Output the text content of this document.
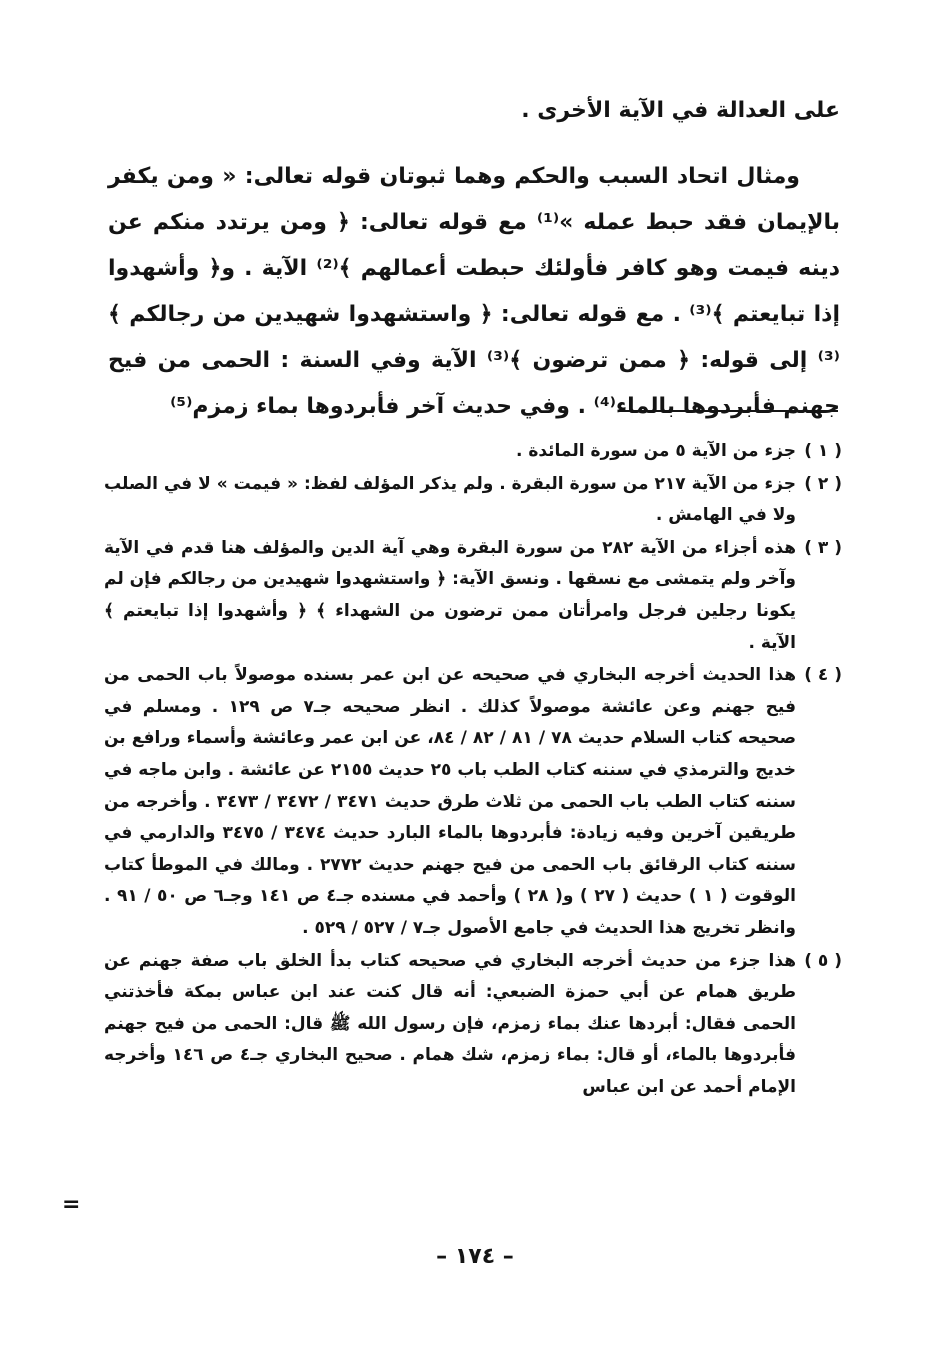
على العدالة في الآية الأخرى .

ومثال اتحاد السبب والحكم وهما ثبوتان قوله تعالى: « ومن يكفر بالإيمان فقد حبط عمله »⁽¹⁾ مع قوله تعالى: ﴿ ومن يرتدد منكم عن دينه فيمت وهو كافر فأولئك حبطت أعمالهم ﴾⁽²⁾ الآية . و﴿ وأشهدوا إذا تبايعتم ﴾⁽³⁾ . مع قوله تعالى: ﴿ واستشهدوا شهيدين من رجالكم ﴾⁽³⁾ إلى قوله: ﴿ ممن ترضون ﴾⁽³⁾ الآية وفي السنة : الحمى من فيح جهنم فأبردوها بالماء⁽⁴⁾ . وفي حديث آخر فأبردوها بماء زمزم⁽⁵⁾

( ١ )جزء من الآية ٥ من سورة المائدة .

( ٢ )جزء من الآية ٢١٧ من سورة البقرة . ولم يذكر المؤلف لفظ: « فيمت » لا في الصلب ولا في الهامش .

( ٣ )هذه أجزاء من الآية ٢٨٢ من سورة البقرة وهي آية الدين والمؤلف هنا قدم في الآية وآخر ولم يتمشى مع نسقها . ونسق الآية: ﴿ واستشهدوا شهيدين من رجالكم فإن لم يكونا رجلين فرجل وامرأتان ممن ترضون من الشهداء ﴾ ﴿ وأشهدوا إذا تبايعتم ﴾ الآية .

( ٤ )هذا الحديث أخرجه البخاري في صحيحه عن ابن عمر بسنده موصولاً باب الحمى من فيح جهنم وعن عائشة موصولاً كذلك . انظر صحيحه جـ٧ ص ١٢٩ . ومسلم في صحيحه كتاب السلام حديث ٧٨ / ٨١ / ٨٢ / ٨٤، عن ابن عمر وعائشة وأسماء ورافع بن خديج والترمذي في سننه كتاب الطب باب ٢٥ حديث ٢١٥٥ عن عائشة . وابن ماجه في سننه كتاب الطب باب الحمى من ثلاث طرق حديث ٣٤٧١ / ٣٤٧٢ / ٣٤٧٣ . وأخرجه من طريقين آخرين وفيه زيادة: فأبردوها بالماء البارد حديث ٣٤٧٤ / ٣٤٧٥ والدارمي في سننه كتاب الرقائق باب الحمى من فيح جهنم حديث ٢٧٧٢ . ومالك في الموطأ كتاب الوقوت ( ١ ) حديث ( ٢٧ ) و( ٢٨ ) وأحمد في مسنده جـ٤ ص ١٤١ وجـ٦ ص ٥٠ / ٩١ . وانظر تخريج هذا الحديث في جامع الأصول جـ٧ / ٥٢٧ / ٥٢٩ .

( ٥ )هذا جزء من حديث أخرجه البخاري في صحيحه كتاب بدأ الخلق باب صفة جهنم عن طريق همام عن أبي حمزة الضبعي: أنه قال كنت عند ابن عباس بمكة فأخذتني الحمى فقال: أبردها عنك بماء زمزم، فإن رسول الله ﷺ قال: الحمى من فيح جهنم فأبردوها بالماء، أو قال: بماء زمزم، شك همام . صحيح البخاري جـ٤ ص ١٤٦ وأخرجه الإمام أحمد عن ابن عباس

=
– ١٧٤ –
